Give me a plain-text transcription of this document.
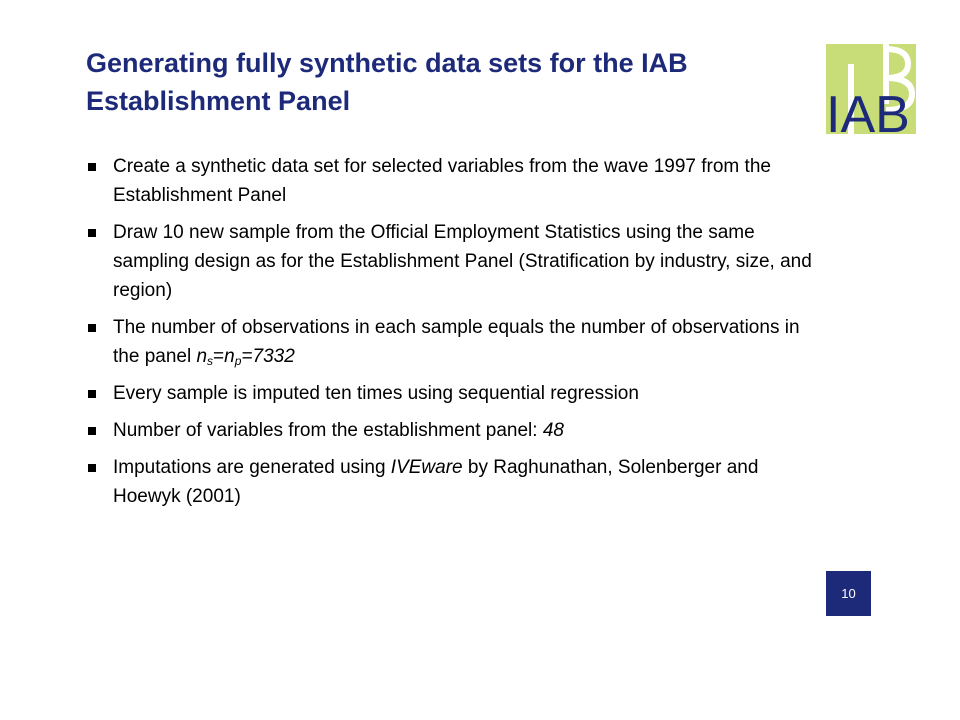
Generating fully synthetic data sets for the IAB Establishment Panel	IAB
Create a synthetic data set for selected variables from the wave 1997 from the Establishment Panel
Draw 10 new sample from the Official Employment Statistics using the same sampling design as for the Establishment Panel (Stratification by industry, size, and region)
The number of observations in each sample equals the number of observations in the panel $n_s=n_p=7332$
Every sample is imputed ten times using sequential regression
Number of variables from the establishment panel: 48
Imputations are generated using IVEware by Raghunathan, Solenberger and Hoewyk (2001)
10
